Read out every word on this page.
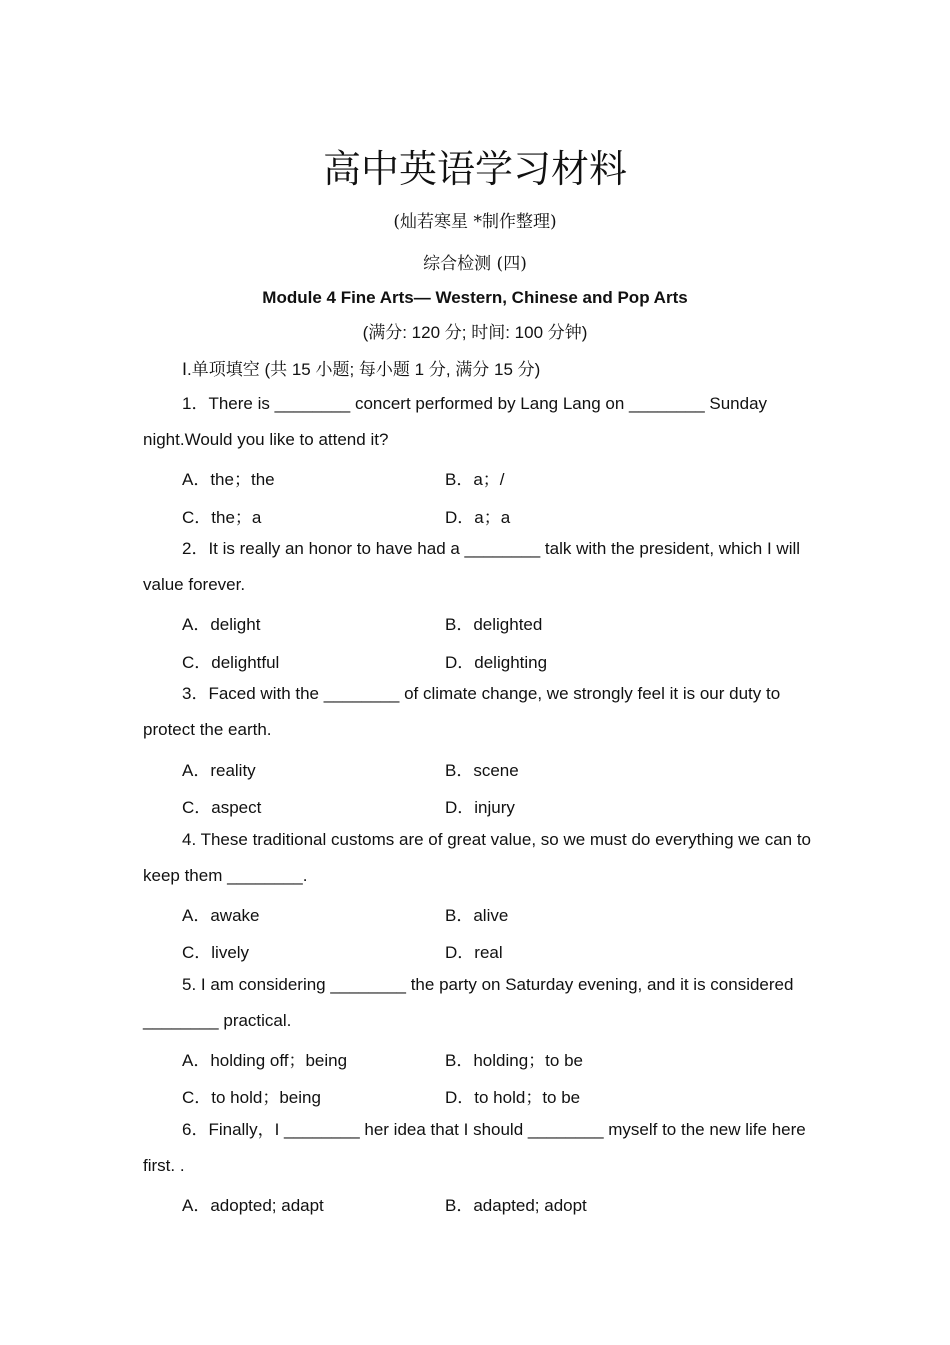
高中英语学习材料
(灿若寒星 *制作整理)
综合检测 (四)
Module 4 Fine Arts— Western, Chinese and Pop Arts
(满分: 120 分; 时间: 100 分钟)
Ⅰ.单项填空 (共 15 小题; 每小题 1 分, 满分 15 分)
1．There is ________ concert performed by Lang Lang on ________ Sunday night.Would you like to attend it?
A．the；the	B．a；/
C．the；a	D．a；a
2．It is really an honor to have had a ________ talk with the president, which I will value forever.
A．delight	B．delighted
C．delightful	D．delighting
3．Faced with the ________ of climate change, we strongly feel it is our duty to protect the earth.
A．reality	B．scene
C．aspect	D．injury
4. These traditional customs are of great value, so we must do everything we can to keep them ________.
A．awake	B．alive
C．lively	D．real
5. I am considering ________ the party on Saturday evening, and it is considered ________ practical.
A．holding off；being	B．holding；to be
C．to hold；being	D．to hold；to be
6．Finally，I ________ her idea that I should ________ myself to the new life here first. .
A．adopted; adapt	B．adapted; adopt
